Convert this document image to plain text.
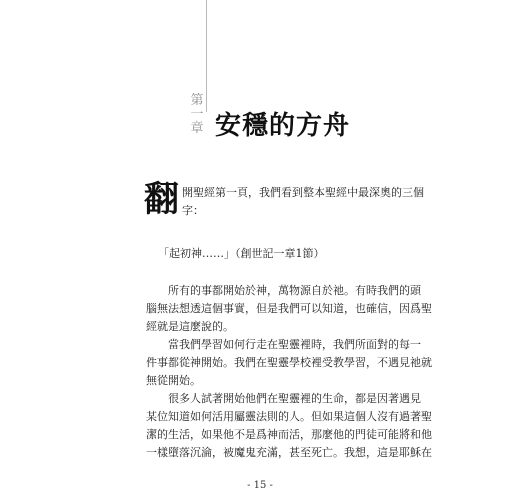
第
一
章 安穩的方舟
翻 開聖經第一頁，我們看到整本聖經中最深奧的三個
字：
「起初神……」（創世記一章1節）
所有的事都開始於神，萬物源自於祂。有時我們的頭
腦無法想透這個事實，但是我們可以知道，也確信，因爲聖
經就是這麼說的。
當我們學習如何行走在聖靈裡時，我們所面對的每一
件事都從神開始。我們在聖靈學校裡受教學習，不遇見祂就
無從開始。
很多人試著開始他們在聖靈裡的生命，都是因著遇見
某位知道如何活用屬靈法則的人。但如果這個人沒有過著聖
潔的生活，如果他不是爲神而活，那麼他的門徒可能將和他
一樣墮落沉淪，被魔鬼充滿，甚至死亡。我想，這是耶穌在
- 15 -
